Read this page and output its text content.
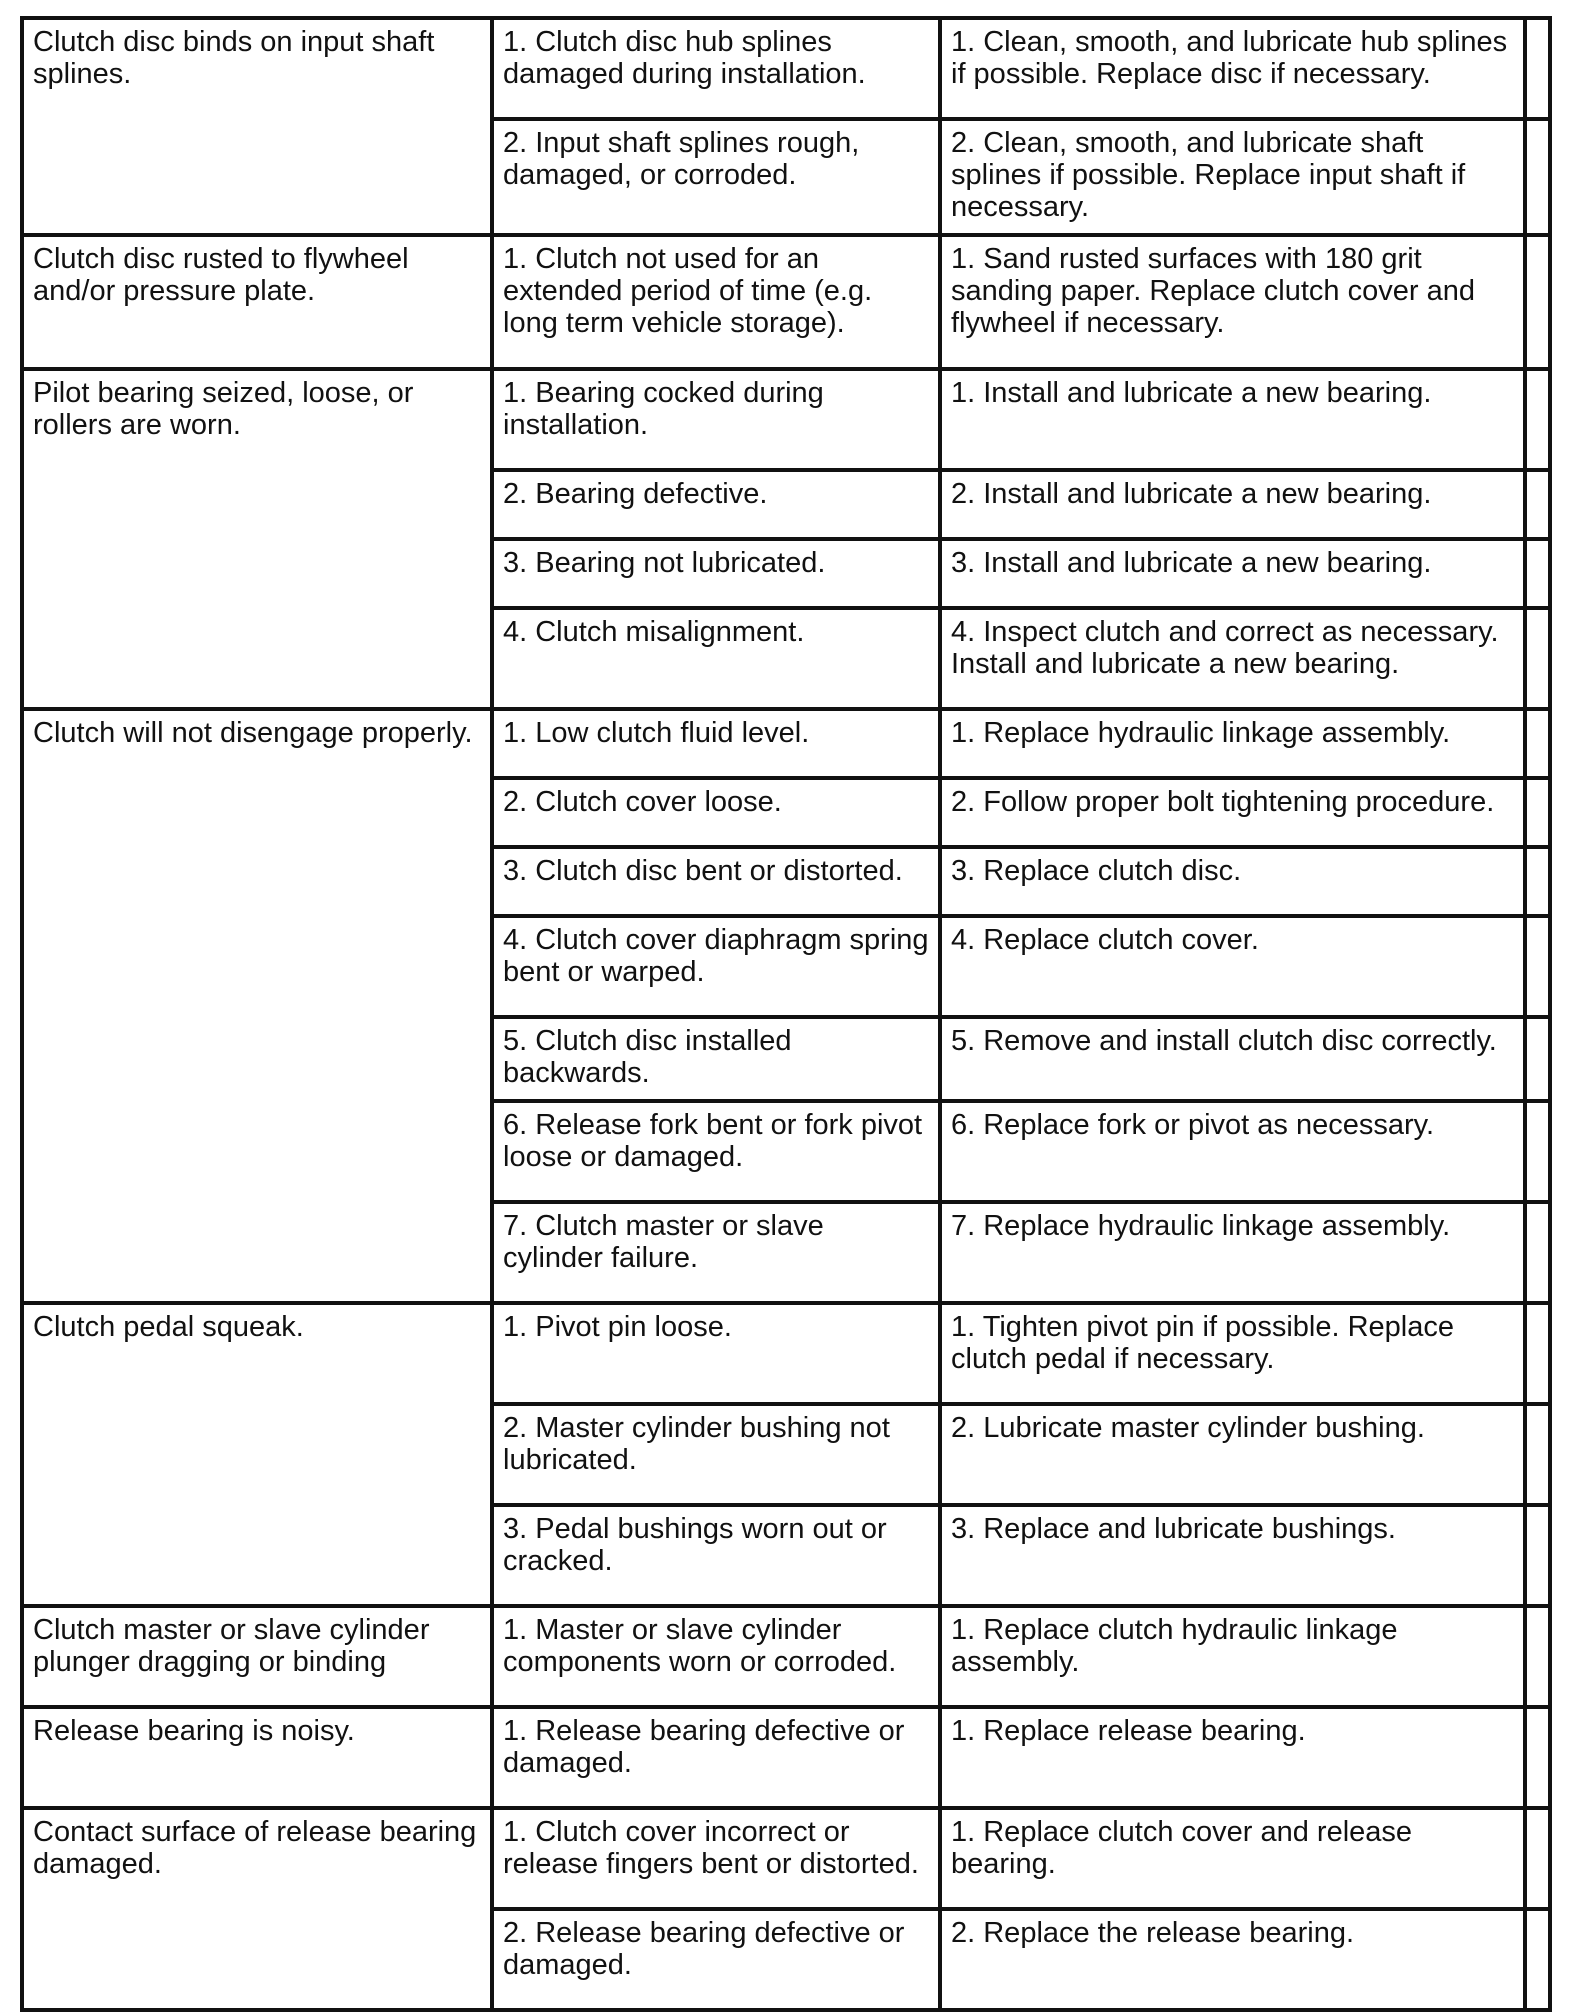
Clutch disc binds on input shaft splines.	1. Clutch disc hub splines damaged during installation.	1. Clean, smooth, and lubricate hub splines if possible. Replace disc if necessary.	
	2. Input shaft splines rough, damaged, or corroded.	2. Clean, smooth, and lubricate shaft splines if possible. Replace input shaft if necessary.	
Clutch disc rusted to flywheel and/or pressure plate.	1. Clutch not used for an extended period of time (e.g. long term vehicle storage).	1. Sand rusted surfaces with 180 grit sanding paper. Replace clutch cover and flywheel if necessary.	
Pilot bearing seized, loose, or rollers are worn.	1. Bearing cocked during installation.	1. Install and lubricate a new bearing.	
	2. Bearing defective.	2. Install and lubricate a new bearing.	
	3. Bearing not lubricated.	3. Install and lubricate a new bearing.	
	4. Clutch misalignment.	4. Inspect clutch and correct as necessary. Install and lubricate a new bearing.	
Clutch will not disengage properly.	1. Low clutch fluid level.	1. Replace hydraulic linkage assembly.	
	2. Clutch cover loose.	2. Follow proper bolt tightening procedure.	
	3. Clutch disc bent or distorted.	3. Replace clutch disc.	
	4. Clutch cover diaphragm spring bent or warped.	4. Replace clutch cover.	
	5. Clutch disc installed backwards.	5. Remove and install clutch disc correctly.	
	6. Release fork bent or fork pivot loose or damaged.	6. Replace fork or pivot as necessary.	
	7. Clutch master or slave cylinder failure.	7. Replace hydraulic linkage assembly.	
Clutch pedal squeak.	1. Pivot pin loose.	1. Tighten pivot pin if possible. Replace clutch pedal if necessary.	
	2. Master cylinder bushing not lubricated.	2. Lubricate master cylinder bushing.	
	3. Pedal bushings worn out or cracked.	3. Replace and lubricate bushings.	
Clutch master or slave cylinder plunger dragging or binding	1. Master or slave cylinder components worn or corroded.	1. Replace clutch hydraulic linkage assembly.	
Release bearing is noisy.	1. Release bearing defective or damaged.	1. Replace release bearing.	
Contact surface of release bearing damaged.	1. Clutch cover incorrect or release fingers bent or distorted.	1. Replace clutch cover and release bearing.	
	2. Release bearing defective or damaged.	2. Replace the release bearing.	
